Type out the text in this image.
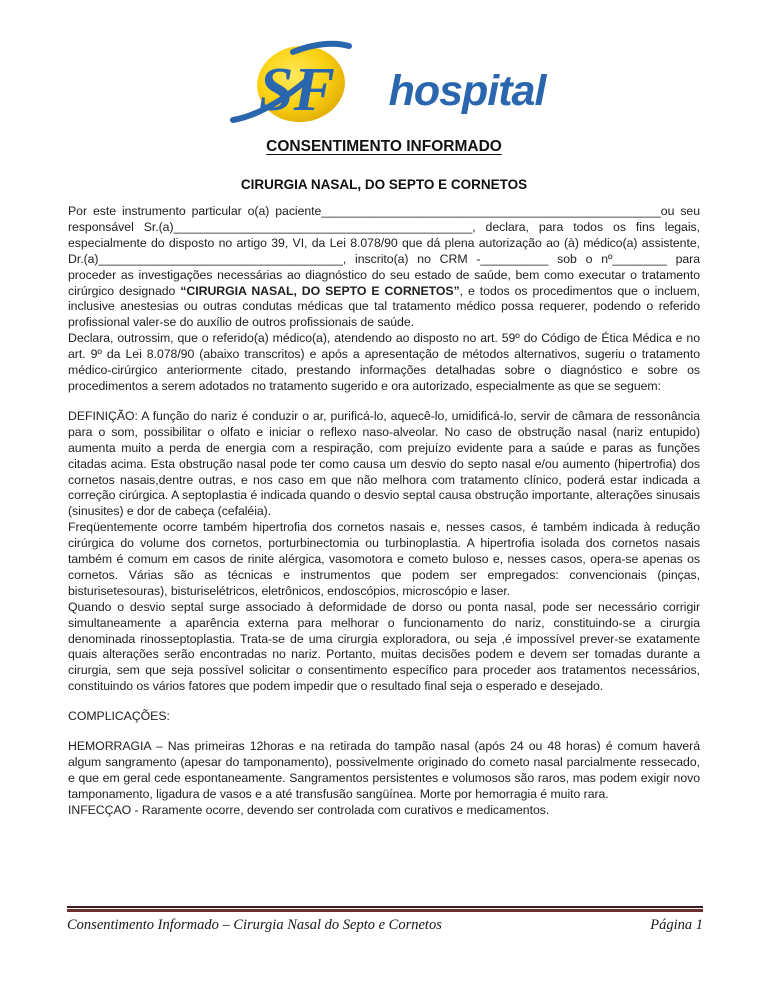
SF hospital
CONSENTIMENTO INFORMADO
CIRURGIA NASAL, DO SEPTO E CORNETOS

Por este instrumento particular o(a) paciente__________________________________________________ou seu responsável Sr.(a)____________________________________________, declara, para todos os fins legais, especialmente do disposto no artigo 39, VI, da Lei 8.078/90 que dá plena autorização ao (à) médico(a) assistente, Dr.(a)____________________________________, inscrito(a) no CRM -__________ sob o nº________ para proceder as investigações necessárias ao diagnóstico do seu estado de saúde, bem como executar o tratamento cirúrgico designado “CIRURGIA NASAL, DO SEPTO E CORNETOS”, e todos os procedimentos que o incluem, inclusive anestesias ou outras condutas médicas que tal tratamento médico possa requerer, podendo o referido profissional valer-se do auxílio de outros profissionais de saúde.

Declara, outrossim, que o referido(a) médico(a), atendendo ao disposto no art. 59º do Código de Ética Médica e no art. 9º da Lei 8.078/90 (abaixo transcritos) e após a apresentação de métodos alternativos, sugeriu o tratamento médico-cirúrgico anteriormente citado, prestando informações detalhadas sobre o diagnóstico e sobre os procedimentos a serem adotados no tratamento sugerido e ora autorizado, especialmente as que se seguem:

DEFINIÇÃO: A função do nariz é conduzir o ar, purificá-lo, aquecê-lo, umidificá-lo, servir de câmara de ressonância para o som, possibilitar o olfato e iniciar o reflexo naso-alveolar. No caso de obstrução nasal (nariz entupido) aumenta muito a perda de energia com a respiração, com prejuízo evidente para a saúde e paras as funções citadas acima. Esta obstrução nasal pode ter como causa um desvio do septo nasal e/ou aumento (hipertrofia) dos cornetos nasais,dentre outras, e nos caso em que não melhora com tratamento clínico, poderá estar indicada a correção cirúrgica. A septoplastia é indicada quando o desvio septal causa obstrução importante, alterações sinusais (sinusites) e dor de cabeça (cefaléia).

Freqüentemente ocorre também hipertrofia dos cornetos nasais e, nesses casos, é também indicada à redução cirúrgica do volume dos cornetos, porturbinectomia ou turbinoplastia. A hipertrofia isolada dos cornetos nasais também é comum em casos de rinite alérgica, vasomotora e cometo buloso e, nesses casos, opera-se apenas os cornetos. Várias são as técnicas e instrumentos que podem ser empregados: convencionais (pinças, bisturisetesouras), bisturiselétricos, eletrônicos, endoscópios, microscópio e laser.

Quando o desvio septal surge associado à deformidade de dorso ou ponta nasal, pode ser necessário corrigir simultaneamente a aparência externa para melhorar o funcionamento do nariz, constituindo-se a cirurgia denominada rinosseptoplastia. Trata-se de uma cirurgia exploradora, ou seja ,é impossível prever-se exatamente quais alterações serão encontradas no nariz. Portanto, muitas decisões podem e devem ser tomadas durante a cirurgia, sem que seja possível solicitar o consentimento específico para proceder aos tratamentos necessários, constituindo os vários fatores que podem impedir que o resultado final seja o esperado e desejado.

COMPLICAÇÕES:

HEMORRAGIA – Nas primeiras 12horas e na retirada do tampão nasal (após 24 ou 48 horas) é comum haverá algum sangramento (apesar do tamponamento), possivelmente originado do cometo nasal parcialmente ressecado, e que em geral cede espontaneamente. Sangramentos persistentes e volumosos são raros, mas podem exigir novo tamponamento, ligadura de vasos e a até transfusão sangüínea. Morte por hemorragia é muito rara.

INFECÇAO - Raramente ocorre, devendo ser controlada com curativos e medicamentos.

Consentimento Informado – Cirurgia Nasal do Septo e Cornetos	Página 1
